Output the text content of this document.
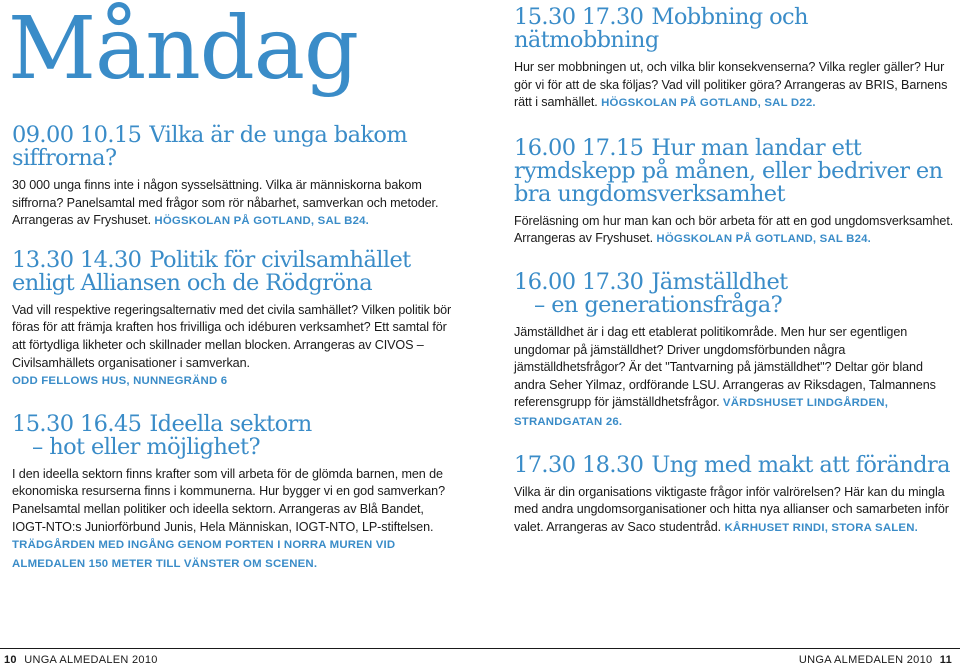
Måndag
09.00 10.15 Vilka är de unga bakom
siffrorna?

30 000 unga finns inte i någon sysselsättning. Vilka är människorna bakom siffrorna? Panelsamtal med frågor som rör nåbarhet, samverkan och metoder. Arrangeras av Fryshuset. HÖGSKOLAN PÅ GOTLAND, SAL B24.

13.30 14.30 Politik för civilsamhället
enligt Alliansen och de Rödgröna

Vad vill respektive regeringsalternativ med det civila samhället? Vilken politik bör föras för att främja kraften hos frivilliga och idéburen verksamhet? Ett samtal för att förtydliga likheter och skillnader mellan blocken. Arrangeras av CIVOS – Civilsamhällets organisationer i samverkan.
ODD FELLOWS HUS, NUNNEGRÄND 6

15.30 16.45 Ideella sektorn
– hot eller möjlighet?

I den ideella sektorn finns krafter som vill arbeta för de glömda barnen, men de ekonomiska resurserna finns i kommunerna. Hur bygger vi en god samverkan? Panelsamtal mellan politiker och ideella sektorn. Arrangeras av Blå Bandet, IOGT-NTO:s Juniorförbund Junis, Hela Människan, IOGT-NTO, LP-stiftelsen. TRÄDGÅRDEN MED INGÅNG GENOM PORTEN I NORRA MUREN VID ALMEDALEN 150 METER TILL VÄNSTER OM SCENEN.

15.30 17.30 Mobbning och nätmobbning

Hur ser mobbningen ut, och vilka blir konsekvenserna? Vilka regler gäller? Hur gör vi för att de ska följas? Vad vill politiker göra? Arrangeras av BRIS, Barnens rätt i samhället. HÖGSKOLAN PÅ GOTLAND, SAL D22.

16.00 17.15 Hur man landar ett
rymdskepp på månen, eller bedriver en bra ungdomsverksamhet

Föreläsning om hur man kan och bör arbeta för att en god ungdomsverksamhet. Arrangeras av Fryshuset. HÖGSKOLAN PÅ GOTLAND, SAL B24.

16.00 17.30 Jämställdhet
– en generationsfråga?

Jämställdhet är i dag ett etablerat politikområde. Men hur ser egentligen ungdomar på jämställdhet? Driver ungdomsförbunden några jämställdhetsfrågor? Är det "Tantvarning på jämställdhet"? Deltar gör bland andra Seher Yilmaz, ordförande LSU. Arrangeras av Riksdagen, Talmannens referensgrupp för jämställdhetsfrågor. VÄRDSHUSET LINDGÅRDEN, STRANDGATAN 26.

17.30 18.30 Ung med makt att förändra

Vilka är din organisations viktigaste frågor inför valrörelsen? Här kan du mingla med andra ungdomsorganisationer och hitta nya allianser och samarbeten inför valet. Arrangeras av Saco studentråd. KÅRHUSET RINDI, STORA SALEN.

10 UNGA ALMEDALEN 2010	UNGA ALMEDALEN 2010 11
